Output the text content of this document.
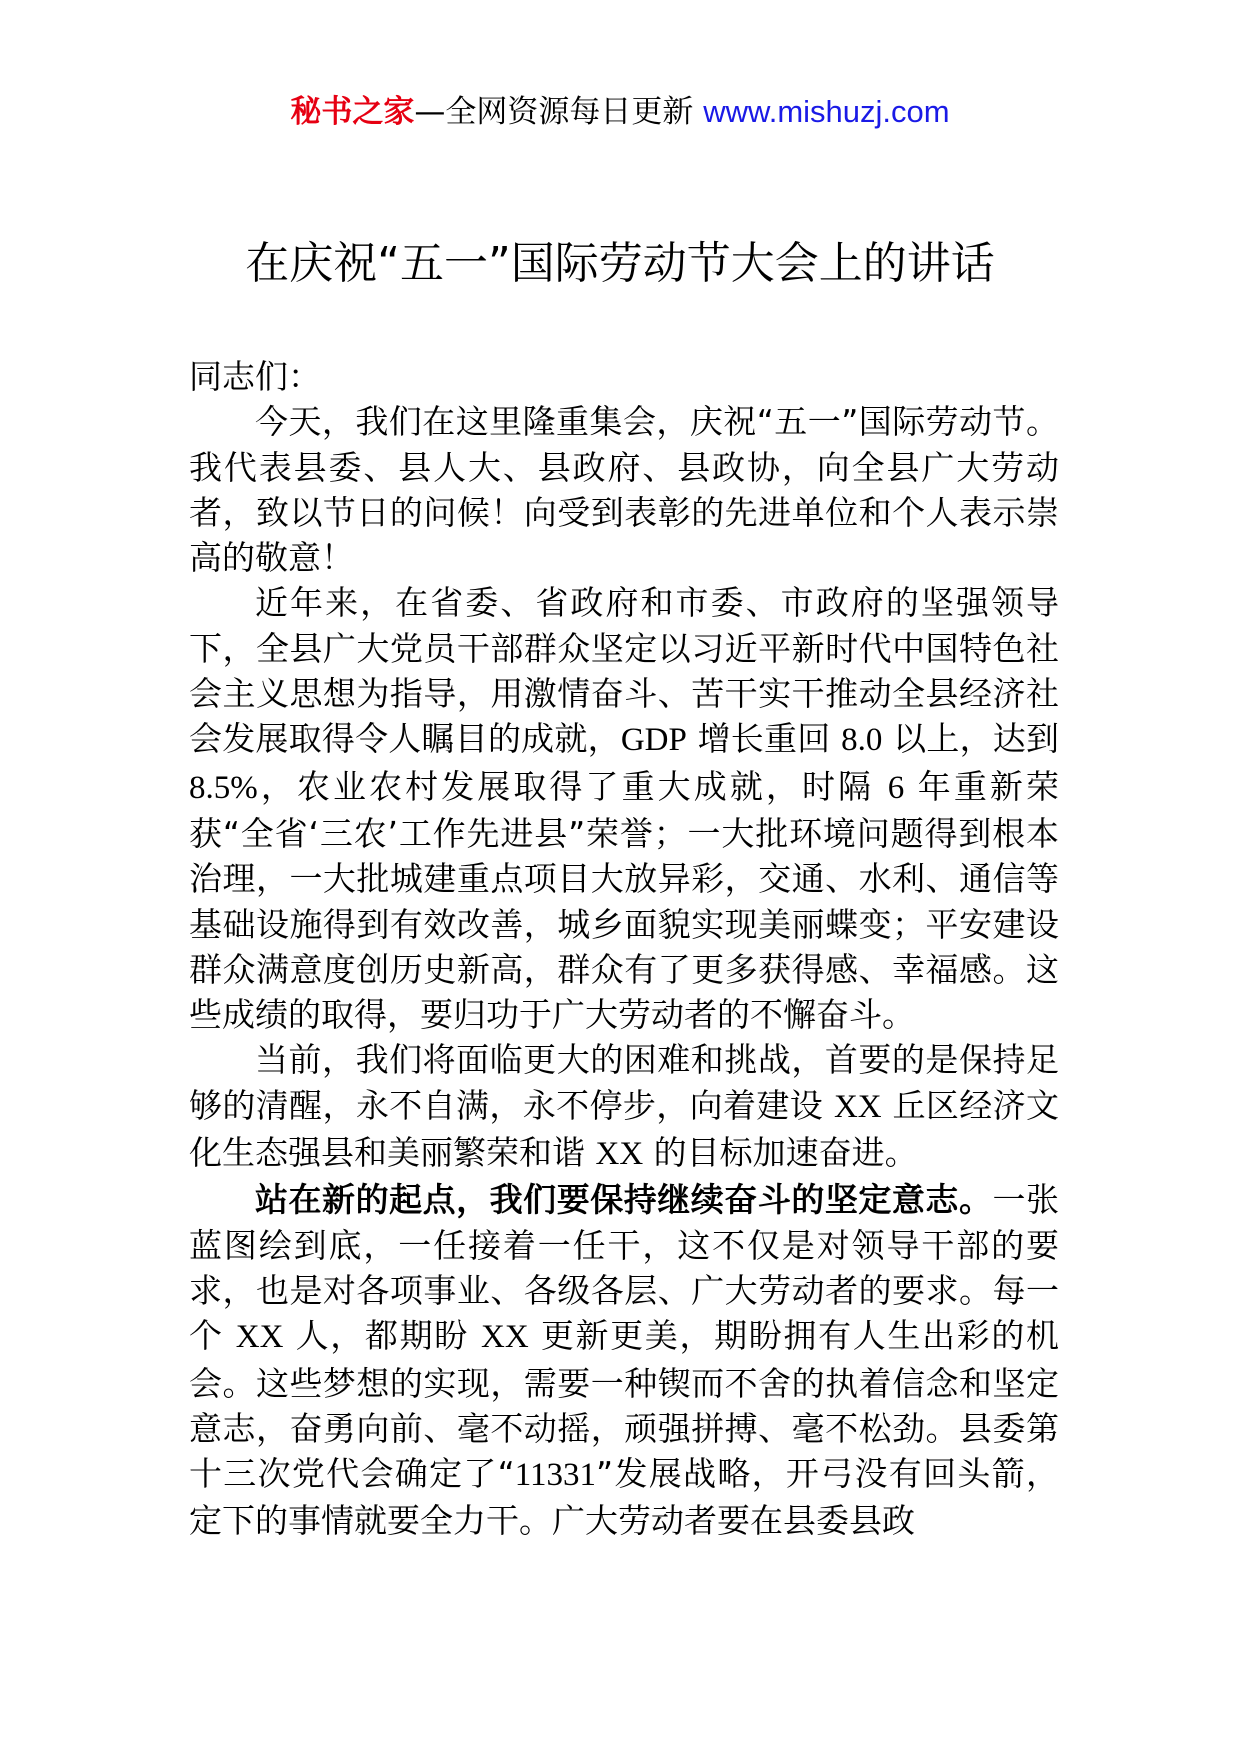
秘书之家—全网资源每日更新 www.mishuzj.com
在庆祝“五一”国际劳动节大会上的讲话

同志们：

今天，我们在这里隆重集会，庆祝“五一”国际劳动节。我代表县委、县人大、县政府、县政协，向全县广大劳动者，致以节日的问候！向受到表彰的先进单位和个人表示崇高的敬意！

近年来，在省委、省政府和市委、市政府的坚强领导下，全县广大党员干部群众坚定以习近平新时代中国特色社会主义思想为指导，用激情奋斗、苦干实干推动全县经济社会发展取得令人瞩目的成就，GDP 增长重回 8.0 以上，达到 8.5%，农业农村发展取得了重大成就，时隔 6 年重新荣获“全省‘三农’工作先进县”荣誉；一大批环境问题得到根本治理，一大批城建重点项目大放异彩，交通、水利、通信等基础设施得到有效改善，城乡面貌实现美丽蝶变；平安建设群众满意度创历史新高，群众有了更多获得感、幸福感。这些成绩的取得，要归功于广大劳动者的不懈奋斗。

当前，我们将面临更大的困难和挑战，首要的是保持足够的清醒，永不自满，永不停步，向着建设 XX 丘区经济文化生态强县和美丽繁荣和谐 XX 的目标加速奋进。

站在新的起点，我们要保持继续奋斗的坚定意志。一张蓝图绘到底，一任接着一任干，这不仅是对领导干部的要求，也是对各项事业、各级各层、广大劳动者的要求。每一个 XX 人，都期盼 XX 更新更美，期盼拥有人生出彩的机会。这些梦想的实现，需要一种锲而不舍的执着信念和坚定意志，奋勇向前、毫不动摇，顽强拼搏、毫不松劲。县委第十三次党代会确定了“11331”发展战略，开弓没有回头箭，定下的事情就要全力干。广大劳动者要在县委县政
